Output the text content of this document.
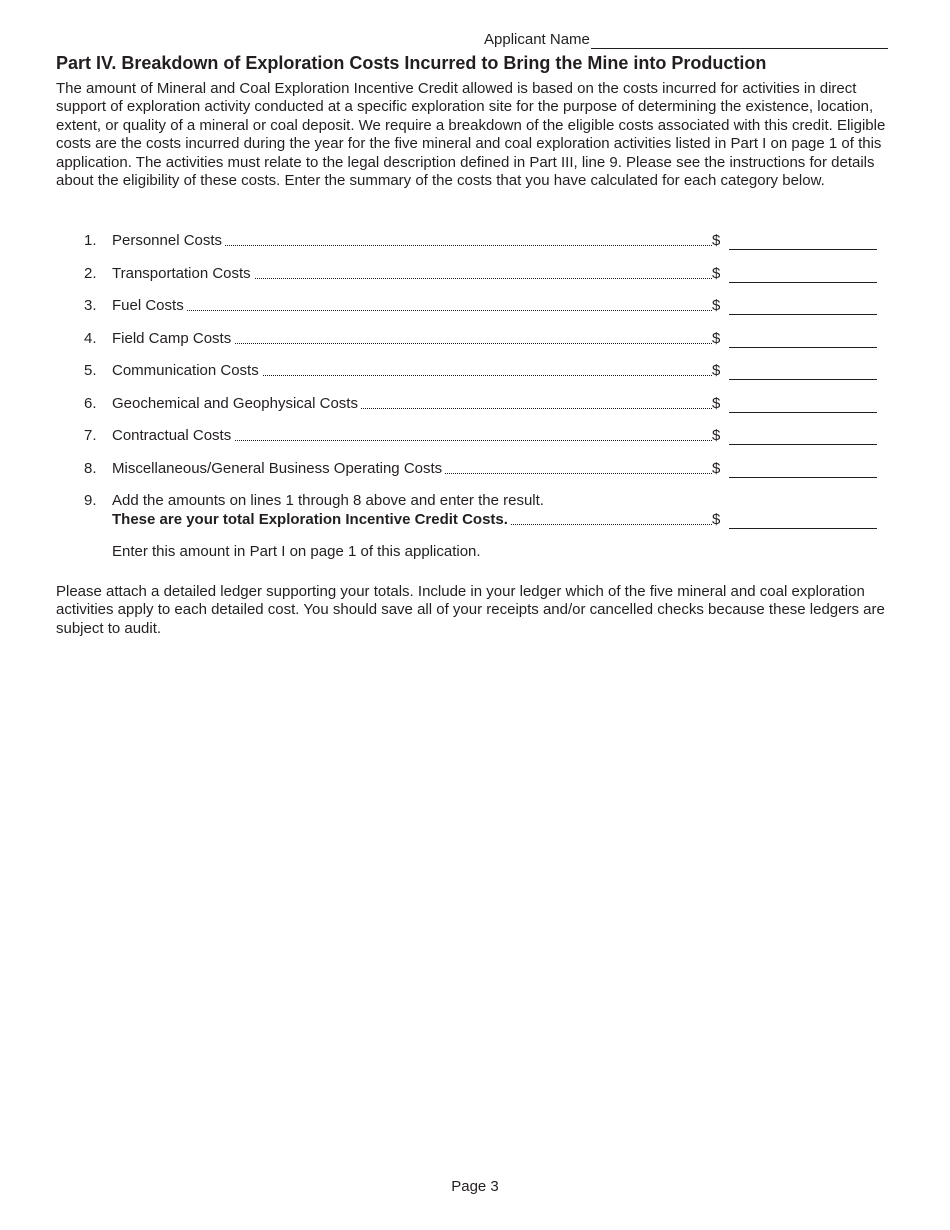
Applicant Name
Part IV. Breakdown of Exploration Costs Incurred to Bring the Mine into Production

The amount of Mineral and Coal Exploration Incentive Credit allowed is based on the costs incurred for activities in direct support of exploration activity conducted at a specific exploration site for the purpose of determining the existence, location, extent, or quality of a mineral or coal deposit. We require a breakdown of the eligible costs associated with this credit. Eligible costs are the costs incurred during the year for the five mineral and coal exploration activities listed in Part I on page 1 of this application. The activities must relate to the legal description defined in Part III, line 9. Please see the instructions for details about the eligibility of these costs. Enter the summary of the costs that you have calculated for each category below.

1. Personnel Costs	$
2. Transportation Costs	$
3. Fuel Costs	$
4. Field Camp Costs	$
5. Communication Costs	$
6. Geochemical and Geophysical Costs	$
7. Contractual Costs	$
8. Miscellaneous/General Business Operating Costs	$
9. Add the amounts on lines 1 through 8 above and enter the result.
These are your total Exploration Incentive Credit Costs.	$
Enter this amount in Part I on page 1 of this application.

Please attach a detailed ledger supporting your totals. Include in your ledger which of the five mineral and coal exploration activities apply to each detailed cost. You should save all of your receipts and/or cancelled checks because these ledgers are subject to audit.

Page 3
